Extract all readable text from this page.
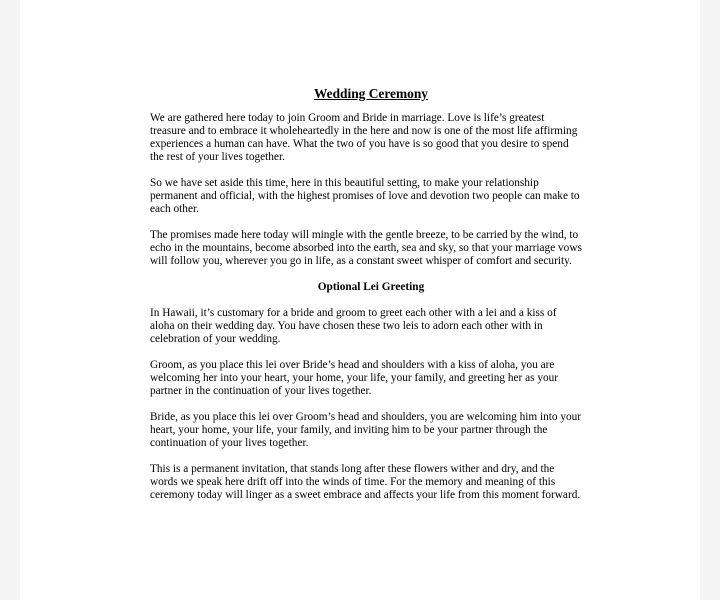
Wedding Ceremony

We are gathered here today to join Groom and Bride in marriage. Love is life’s greatest treasure and to embrace it wholeheartedly in the here and now is one of the most life affirming experiences a human can have. What the two of you have is so good that you desire to spend the rest of your lives together.

So we have set aside this time, here in this beautiful setting, to make your relationship permanent and official, with the highest promises of love and devotion two people can make to each other.

The promises made here today will mingle with the gentle breeze, to be carried by the wind, to echo in the mountains, become absorbed into the earth, sea and sky, so that your marriage vows will follow you, wherever you go in life, as a constant sweet whisper of comfort and security.

Optional Lei Greeting

In Hawaii, it’s customary for a bride and groom to greet each other with a lei and a kiss of aloha on their wedding day. You have chosen these two leis to adorn each other with in celebration of your wedding.

Groom, as you place this lei over Bride’s head and shoulders with a kiss of aloha, you are welcoming her into your heart, your home, your life, your family, and greeting her as your partner in the continuation of your lives together.

Bride, as you place this lei over Groom’s head and shoulders, you are welcoming him into your heart, your home, your life, your family, and inviting him to be your partner through the continuation of your lives together.

This is a permanent invitation, that stands long after these flowers wither and dry, and the words we speak here drift off into the winds of time. For the memory and meaning of this ceremony today will linger as a sweet embrace and affects your life from this moment forward.
